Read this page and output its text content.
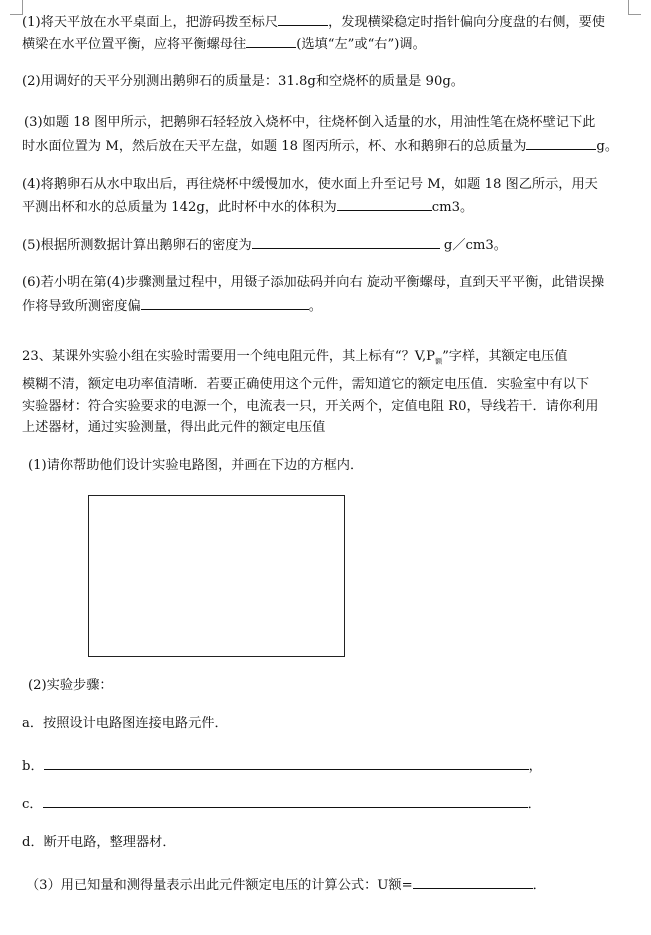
(1)将天平放在水平桌面上，把游码拨至标尺	，发现横梁稳定时指针偏向分度盘的右侧，要使
横梁在水平位置平衡，应将平衡螺母往	(选填“左”或“右”)调。
(2)用调好的天平分别测出鹅卵石的质量是：31.8g和空烧杯的质量是 90g。
(3)如题 18 图甲所示，把鹅卵石轻轻放入烧杯中，往烧杯倒入适量的水，用油性笔在烧杯壁记下此
时水面位置为 M，然后放在天平左盘，如题 18 图丙所示，杯、水和鹅卵石的总质量为	g。
(4)将鹅卵石从水中取出后，再往烧杯中缓慢加水，使水面上升至记号 M，如题 18 图乙所示，用天
平测出杯和水的总质量为 142g，此时杯中水的体积为	cm3。
(5)根据所测数据计算出鹅卵石的密度为	g／cm3。
(6)若小明在第(4)步骤测量过程中，用镊子添加砝码并向右 旋动平衡螺母，直到天平平衡，此错误操
作将导致所测密度偏	。
23、某课外实验小组在实验时需要用一个纯电阻元件，其上标有“？$V,P_额$”字样，其额定电压值
模糊不清，额定电功率值清晰．若要正确使用这个元件，需知道它的额定电压值．实验室中有以下
实验器材：符合实验要求的电源一个，电流表一只，开关两个，定值电阻 R0，导线若干．请你利用
上述器材，通过实验测量，得出此元件的额定电压值
(1)请你帮助他们设计实验电路图，并画在下边的方框内．
(2)实验步骤：
a．按照设计电路图连接电路元件．
b．	，
c．	．
d．断开电路，整理器材．
（3）用已知量和测得量表示出此元件额定电压的计算公式：U额=	．
